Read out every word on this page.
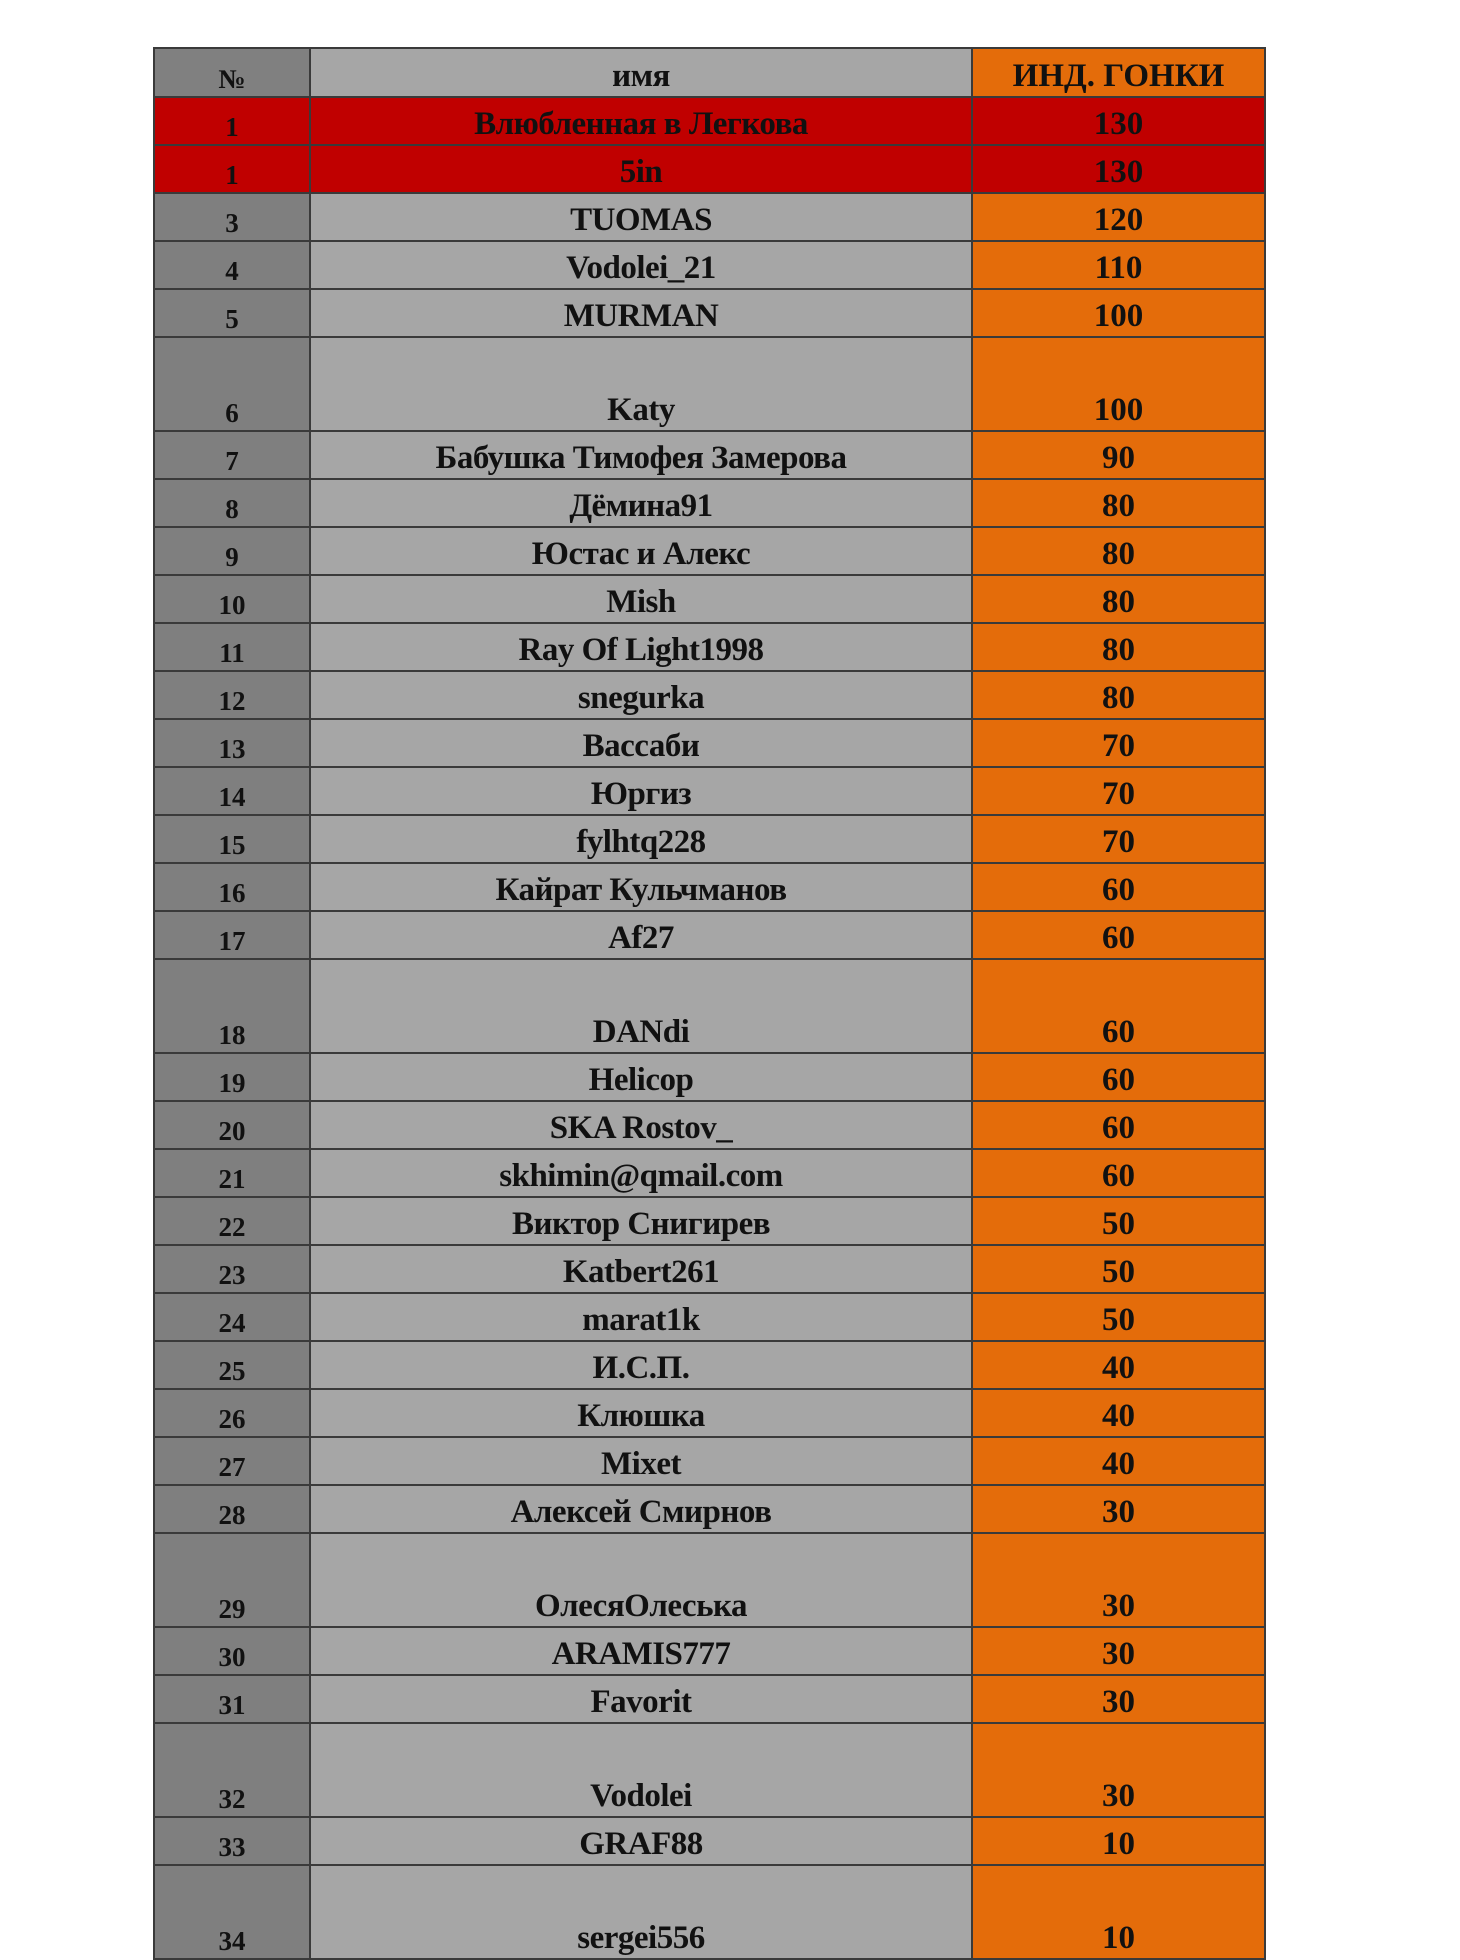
№	имя	ИНД. ГОНКИ
1	Влюбленная в Легкова	130
1	5in	130
3	TUOMAS	120
4	Vodolei_21	110
5	MURMAN	100
6	Katy	100
7	Бабушка Тимофея Замерова	90
8	Дёмина91	80
9	Юстас и Алекс	80
10	Mish	80
11	Ray Of Light1998	80
12	snegurka	80
13	Вассаби	70
14	Юргиз	70
15	fylhtq228	70
16	Кайрат Кульчманов	60
17	Af27	60
18	DANdi	60
19	Helicop	60
20	SKA Rostov_	60
21	skhimin@qmail.com	60
22	Виктор Снигирев	50
23	Katbert261	50
24	marat1k	50
25	И.С.П.	40
26	Клюшка	40
27	Mixet	40
28	Алексей Смирнов	30
29	ОлесяОлеська	30
30	ARAMIS777	30
31	Favorit	30
32	Vodolei	30
33	GRAF88	10
34	sergei556	10
